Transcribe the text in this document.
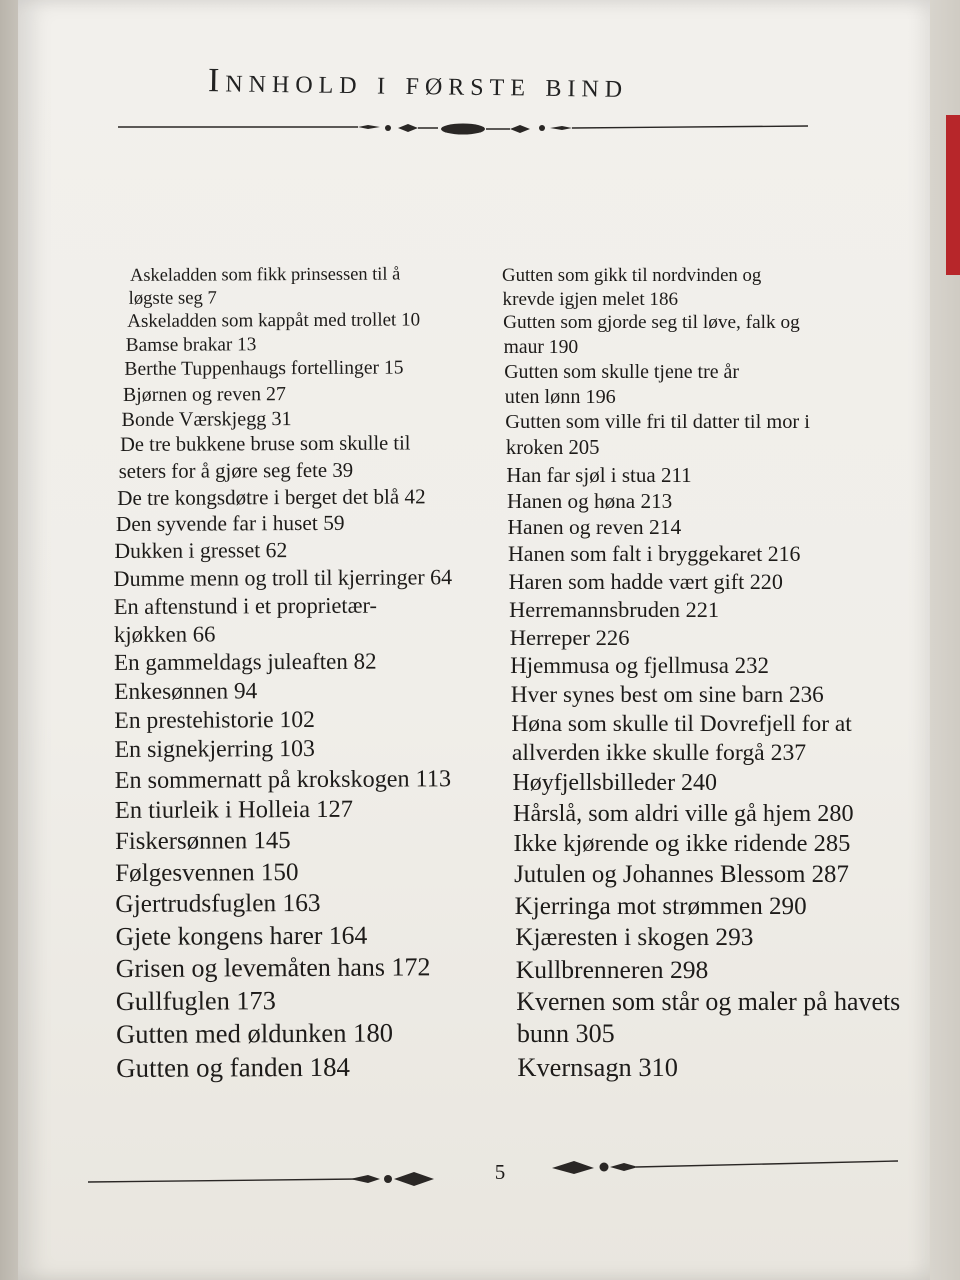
Innhold i første bind
Askeladden som fikk prinsessen til å
løgste seg 7
Askeladden som kappåt med trollet 10
Bamse brakar 13
Berthe Tuppenhaugs fortellinger 15
Bjørnen og reven 27
Bonde Værskjegg 31
De tre bukkene bruse som skulle til
seters for å gjøre seg fete 39
De tre kongsdøtre i berget det blå 42
Den syvende far i huset 59
Dukken i gresset 62
Dumme menn og troll til kjerringer 64
En aftenstund i et proprietær-
kjøkken 66
En gammeldags juleaften 82
Enkesønnen 94
En prestehistorie 102
En signekjerring 103
En sommernatt på krokskogen 113
En tiurleik i Holleia 127
Fiskersønnen 145
Følgesvennen 150
Gjertrudsfuglen 163
Gjete kongens harer 164
Grisen og levemåten hans 172
Gullfuglen 173
Gutten med øldunken 180
Gutten og fanden 184
Gutten som gikk til nordvinden og
krevde igjen melet 186
Gutten som gjorde seg til løve, falk og
maur 190
Gutten som skulle tjene tre år
uten lønn 196
Gutten som ville fri til datter til mor i
kroken 205
Han far sjøl i stua 211
Hanen og høna 213
Hanen og reven 214
Hanen som falt i bryggekaret 216
Haren som hadde vært gift 220
Herremannsbruden 221
Herreper 226
Hjemmusa og fjellmusa 232
Hver synes best om sine barn 236
Høna som skulle til Dovrefjell for at
allverden ikke skulle forgå 237
Høyfjellsbilleder 240
Hårslå, som aldri ville gå hjem 280
Ikke kjørende og ikke ridende 285
Jutulen og Johannes Blessom 287
Kjerringa mot strømmen 290
Kjæresten i skogen 293
Kullbrenneren 298
Kvernen som står og maler på havets
bunn 305
Kvernsagn 310
5
